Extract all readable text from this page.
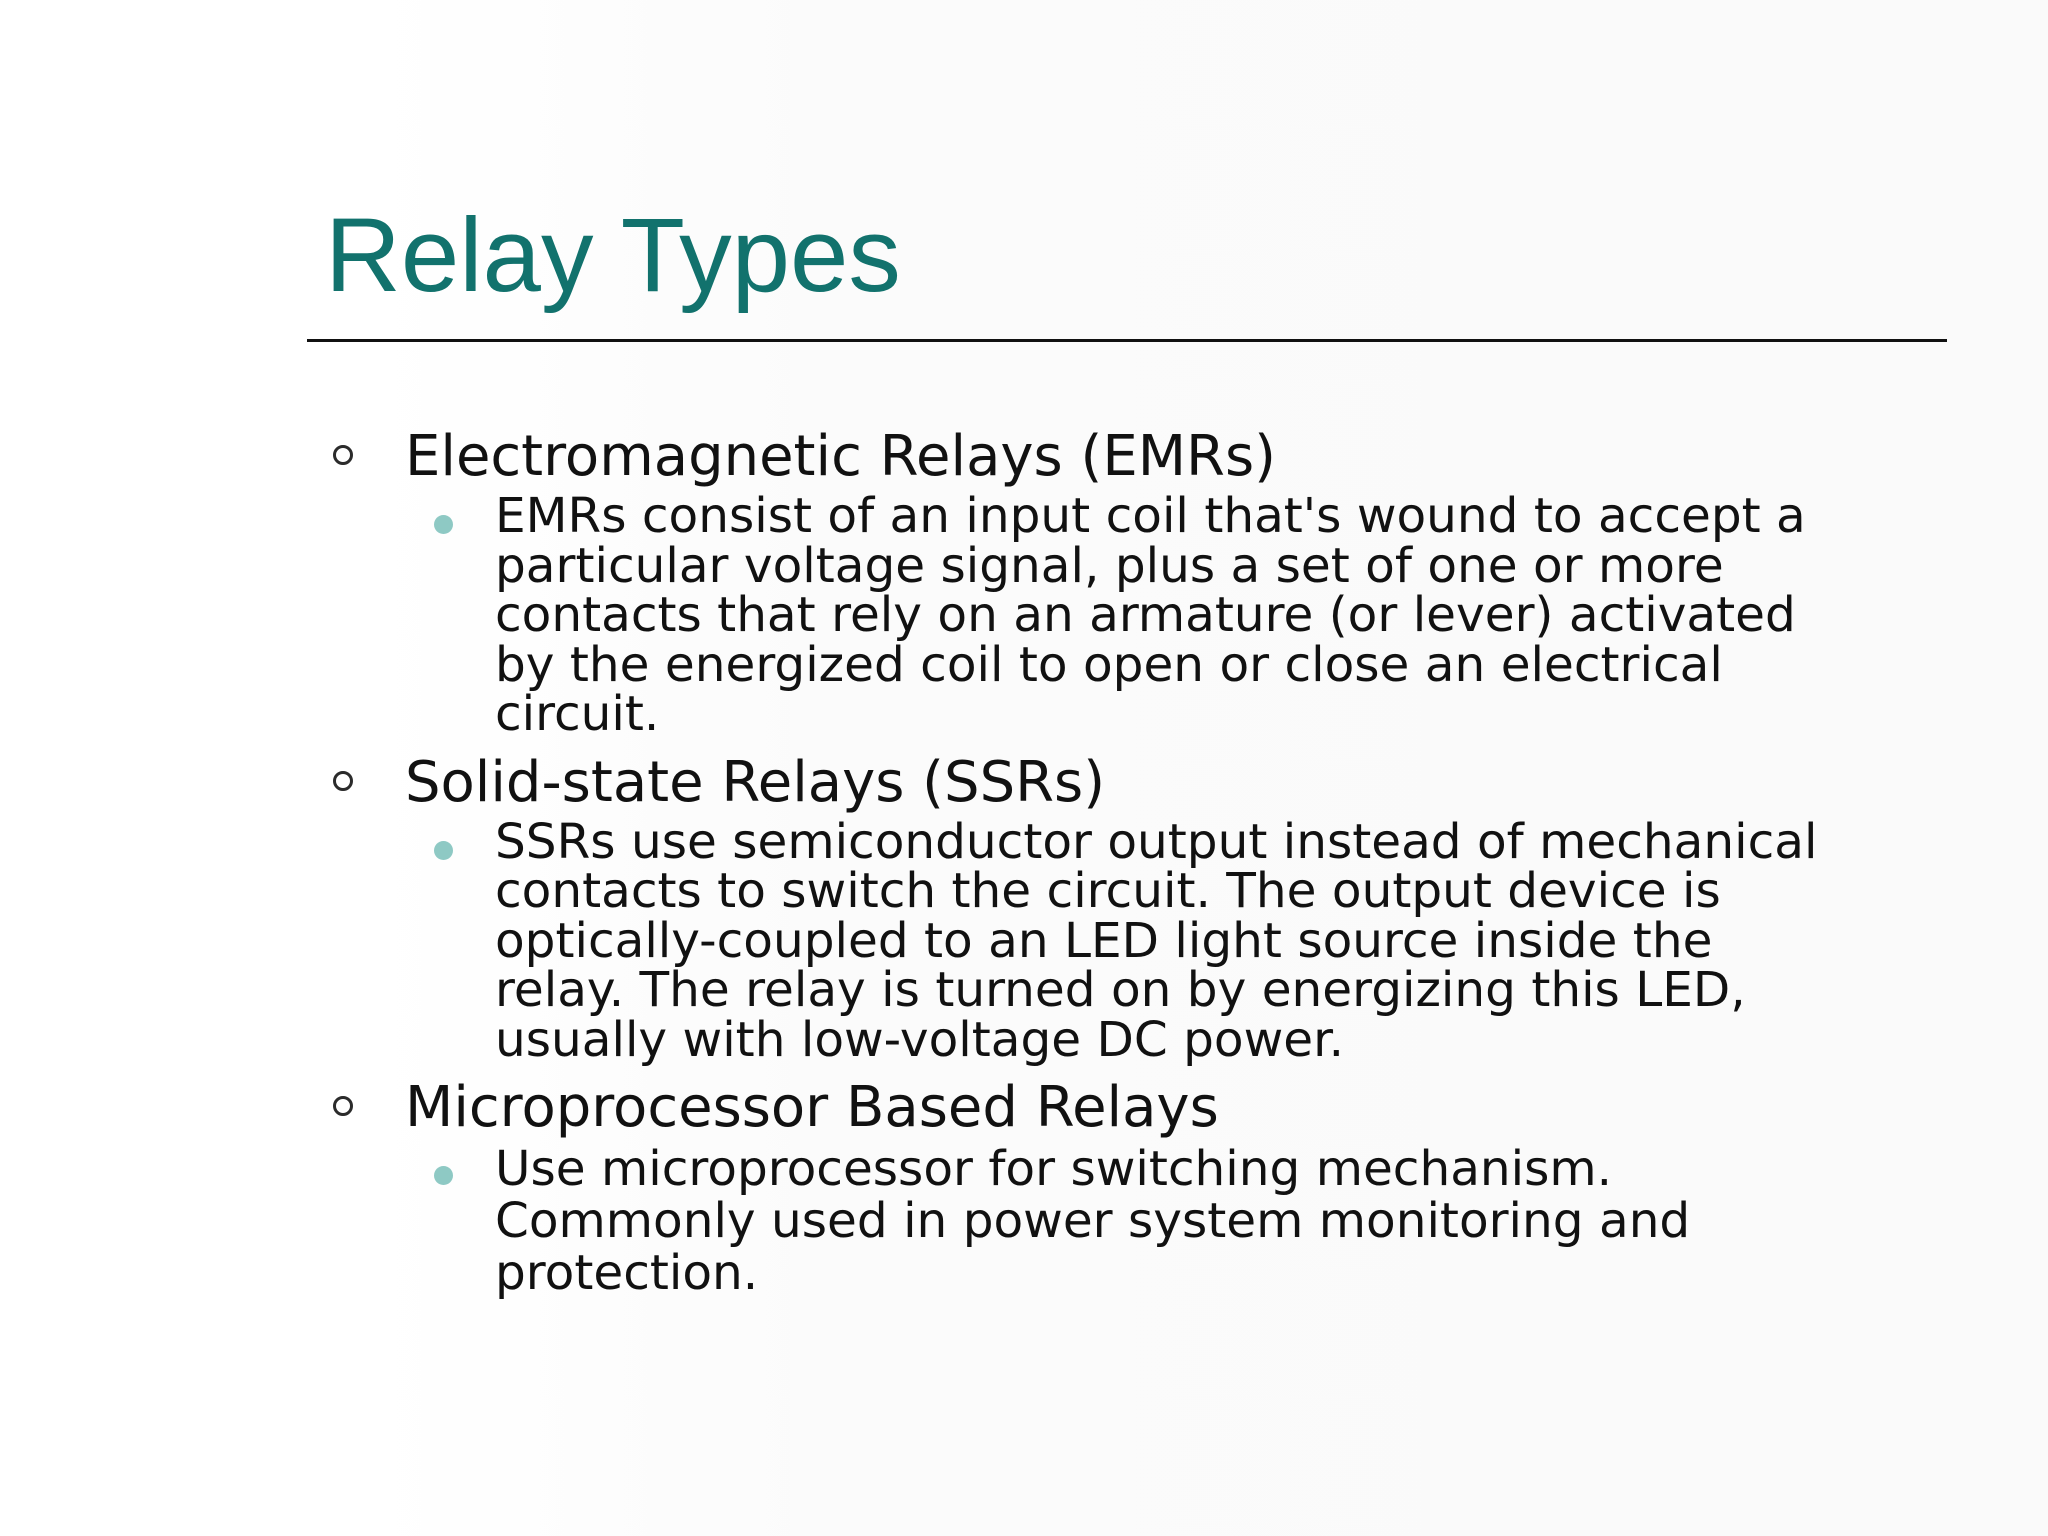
Relay Types
Electromagnetic Relays (EMRs)
EMRs consist of an input coil that's wound to accept a
particular voltage signal, plus a set of one or more
contacts that rely on an armature (or lever) activated
by the energized coil to open or close an electrical
circuit.
Solid-state Relays (SSRs)
SSRs use semiconductor output instead of mechanical
contacts to switch the circuit. The output device is
optically-coupled to an LED light source inside the
relay. The relay is turned on by energizing this LED,
usually with low-voltage DC power.
Microprocessor Based Relays
Use microprocessor for switching mechanism.
Commonly used in power system monitoring and
protection.
